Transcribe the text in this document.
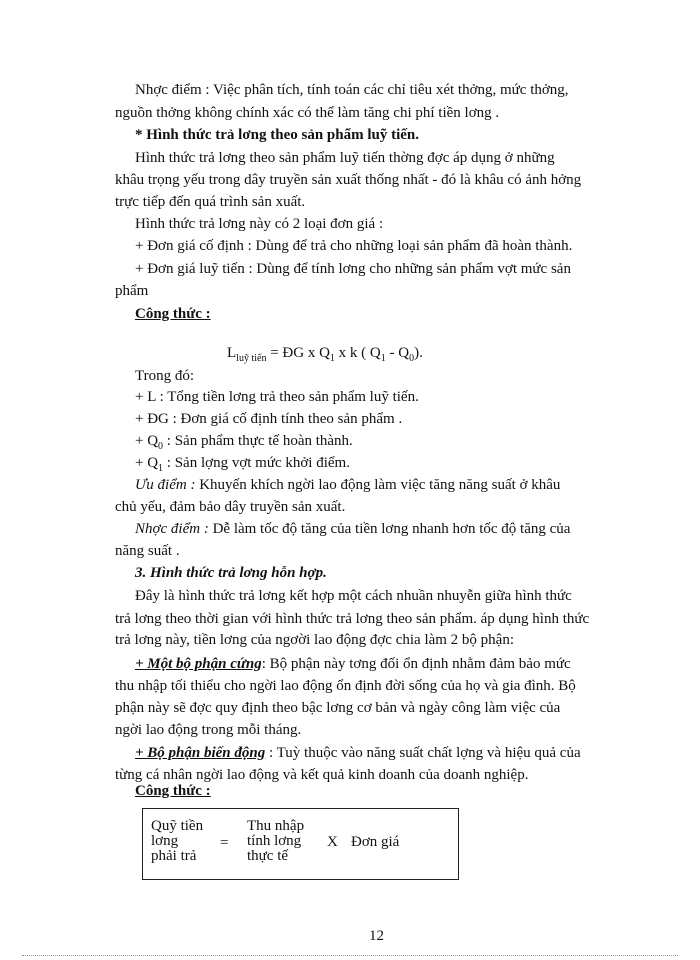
Nhợc điểm : Việc phân tích, tính toán các chỉ tiêu xét thởng, mức thởng,
nguồn thởng không chính xác có thể làm tăng chi phí tiền lơng .
* Hình thức trả lơng theo sản phẩm luỹ tiến.
Hình thức trả lơng theo sản phẩm luỹ tiến thờng đợc áp dụng ở những
khâu trọng yếu trong dây truyền sản xuất thống nhất - đó là khâu có ảnh hởng
trực tiếp đến quá trình sản xuất.
Hình thức trả lơng này có 2 loại đơn giá :
+ Đơn giá cố định : Dùng để trả cho những loại sản phẩm đã hoàn thành.
+ Đơn giá luỹ tiến : Dùng để tính lơng cho những sản phẩm vợt mức sản
phẩm
Công thức :
$L_{luỹ tiến}$ = ĐG x $Q_1$ x k ( $Q_1 - Q_0$).
Trong đó:
+ L : Tổng tiền lơng trả theo sản phẩm luỹ tiến.
+ ĐG : Đơn giá cố định tính theo sản phẩm .
+ $Q_0$ : Sản phẩm thực tế hoàn thành.
+ $Q_1$ : Sản lợng vợt mức khởi điểm.
Ưu điểm : Khuyến khích ngời lao động làm việc tăng năng suất ở khâu
chủ yếu, đảm bảo dây truyền sản xuất.
Nhợc điểm : Dễ làm tốc độ tăng của tiền lơng nhanh hơn tốc độ tăng của
năng suất .
3. Hình thức trả lơng hỗn hợp.
Đây là hình thức trả lơng kết hợp một cách nhuần nhuyễn giữa hình thức
trả lơng theo thời gian với hình thức trả lơng theo sản phẩm. áp dụng hình thức
trả lơng này, tiền lơng của ngơời lao động đợc chia làm 2 bộ phận:
+ Một bộ phận cứng: Bộ phận này tơng đối ổn định nhằm đảm bảo mức
thu nhập tối thiểu cho ngời lao động ổn định đời sống của họ và gia đình. Bộ
phận này sẽ đợc quy định theo bậc lơng cơ bản và ngày công làm việc của
ngời lao động trong mỗi tháng.
+ Bộ phận biến động : Tuỳ thuộc vào năng suất chất lợng và hiệu quả của
từng cá nhân ngời lao động và kết quả kinh doanh của doanh nghiệp.
Công thức :
Quỹ tiền
lơng
phải trả
=
Thu nhập
tính lơng
thực tế
X Đơn giá
12
